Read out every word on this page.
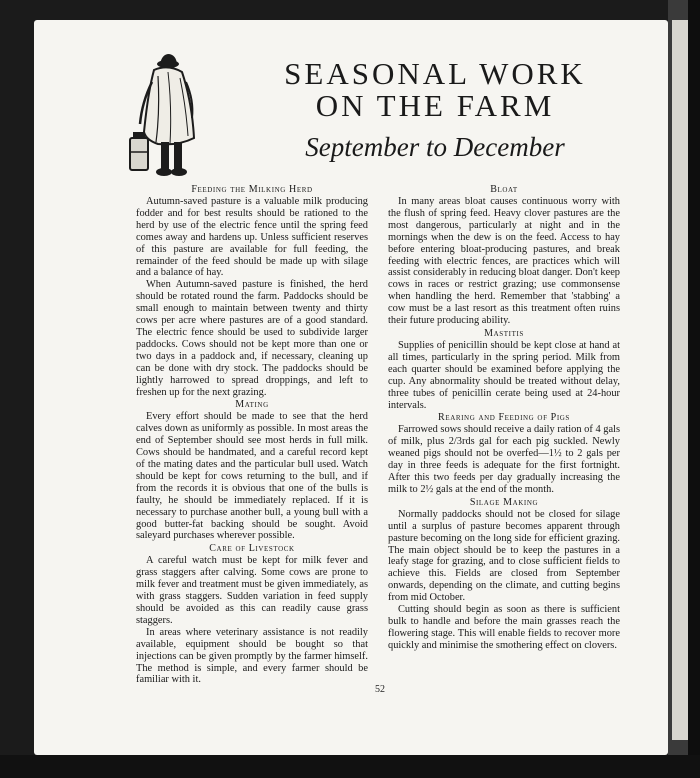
SEASONAL WORK
ON THE FARM
September to December
Feeding the Milking Herd

Autumn-saved pasture is a valuable milk producing fodder and for best results should be rationed to the herd by use of the electric fence until the spring feed comes away and hardens up. Unless sufficient reserves of this pasture are available for full feeding, the remainder of the feed should be made up with silage and a balance of hay.

When Autumn-saved pasture is finished, the herd should be rotated round the farm. Paddocks should be small enough to maintain between twenty and thirty cows per acre where pastures are of a good standard. The electric fence should be used to subdivide larger paddocks. Cows should not be kept more than one or two days in a paddock and, if necessary, cleaning up can be done with dry stock. The paddocks should be lightly harrowed to spread droppings, and left to freshen up for the next grazing.

Mating

Every effort should be made to see that the herd calves down as uniformly as possible. In most areas the end of September should see most herds in full milk. Cows should be handmated, and a careful record kept of the mating dates and the particular bull used. Watch should be kept for cows returning to the bull, and if from the records it is obvious that one of the bulls is faulty, he should be immediately replaced. If it is necessary to purchase another bull, a young bull with a good butter-fat backing should be sought. Avoid saleyard purchases wherever possible.

Care of Livestock

A careful watch must be kept for milk fever and grass staggers after calving. Some cows are prone to milk fever and treatment must be given immediately, as with grass staggers. Sudden variation in feed supply should be avoided as this can readily cause grass staggers.

In areas where veterinary assistance is not readily available, equipment should be bought so that injections can be given promptly by the farmer himself. The method is simple, and every farmer should be familiar with it.

Bloat

In many areas bloat causes continuous worry with the flush of spring feed. Heavy clover pastures are the most dangerous, particularly at night and in the mornings when the dew is on the feed. Access to hay before entering bloat-producing pastures, and break feeding with electric fences, are practices which will assist considerably in reducing bloat danger. Don't keep cows in races or restrict grazing; use commonsense when handling the herd. Remember that 'stabbing' a cow must be a last resort as this treatment often ruins their future producing ability.

Mastitis

Supplies of penicillin should be kept close at hand at all times, particularly in the spring period. Milk from each quarter should be examined before applying the cup. Any abnormality should be treated without delay, three tubes of penicillin cerate being used at 24-hour intervals.

Rearing and Feeding of Pigs

Farrowed sows should receive a daily ration of 4 gals of milk, plus 2/3rds gal for each pig suckled. Newly weaned pigs should not be overfed—1½ to 2 gals per day in three feeds is adequate for the first fortnight. After this two feeds per day gradually increasing the milk to 2½ gals at the end of the month.

Silage Making

Normally paddocks should not be closed for silage until a surplus of pasture becomes apparent through pasture becoming on the long side for efficient grazing. The main object should be to keep the pastures in a leafy stage for grazing, and to close sufficient fields to achieve this. Fields are closed from September onwards, depending on the climate, and cutting begins from mid October.

Cutting should begin as soon as there is sufficient bulk to handle and before the main grasses reach the flowering stage. This will enable fields to recover more quickly and minimise the smothering effect on clovers.

52
